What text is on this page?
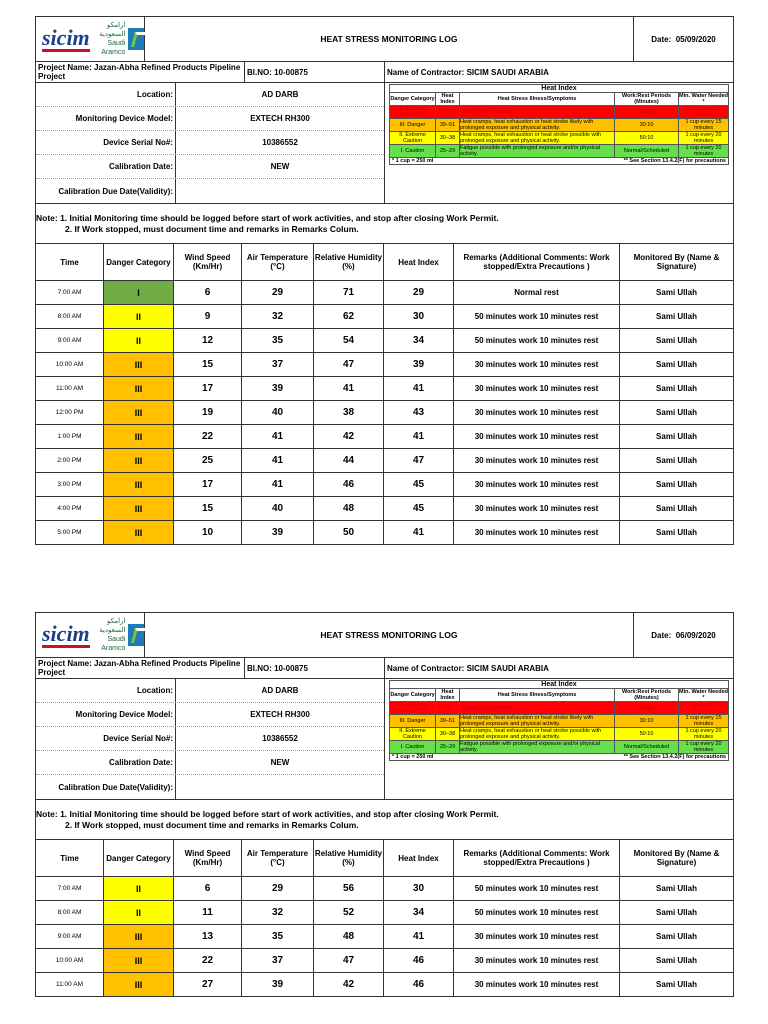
sicim	ارامكو السعودية
Saudi Aramco
	HEAT STRESS MONITORING LOG	Date: 05/09/2020
Project Name: Jazan-Abha Refined Products Pipeline Project	BI.NO: 10-00875	Name of Contractor: SICIM SAUDI ARABIA
Location:	AD DARB
Monitoring Device Model:	EXTECH RH300
Device Serial No#:	10386552
Calibration Date:	NEW
Calibration Due Date(Validity):
Heat Index
Danger Category	Heat Index	Heat Stress Illness/Symptoms	Work:Rest Periods (Minutes)	Min. Water Needed *
IV. Extreme Danger ***	≥ 52	Heat stroke imminent.	30:30	1 cup every 10 minutes
III. Danger	39–51	Heat cramps, heat exhaustion or heat stroke likely with prolonged exposure and physical activity.	30:10	1 cup every 15 minutes
II. Extreme Caution	30–38	Heat cramps, heat exhaustion or heat stroke possible with prolonged exposure and physical activity.	50:10	1 cup every 20 minutes
I. Caution	25–29	Fatigue possible with prolonged exposure and/or physical activity.	Normal/Scheduled	1 cup every 20 minutes
* 1 cup = 250 ml	** See Section 13.4.2(F) for precautions
Note: 1. Initial Monitoring time should be logged before start of work activities, and stop after closing Work Permit.
2. If Work stopped, must document time and remarks in Remarks Colum.
Time	Danger Category	Wind Speed (Km/Hr)	Air Temperature (°C)	Relative Humidity (%)	Heat Index	Remarks (Additional Comments: Work stopped/Extra Precautions )	Monitored By (Name & Signature)
7:00 AM	I	6	29	71	29	Normal rest	Sami Ullah
8:00 AM	II	9	32	62	30	50 minutes work 10 minutes rest	Sami Ullah
9:00 AM	II	12	35	54	34	50 minutes work 10 minutes rest	Sami Ullah
10:00 AM	III	15	37	47	39	30 minutes work 10 minutes rest	Sami Ullah
11:00 AM	III	17	39	41	41	30 minutes work 10 minutes rest	Sami Ullah
12:00 PM	III	19	40	38	43	30 minutes work 10 minutes rest	Sami Ullah
1:00 PM	III	22	41	42	41	30 minutes work 10 minutes rest	Sami Ullah
2:00 PM	III	25	41	44	47	30 minutes work 10 minutes rest	Sami Ullah
3:00 PM	III	17	41	46	45	30 minutes work 10 minutes rest	Sami Ullah
4:00 PM	III	15	40	48	45	30 minutes work 10 minutes rest	Sami Ullah
5:00 PM	III	10	39	50	41	30 minutes work 10 minutes rest	Sami Ullah
sicim	ارامكو السعودية
Saudi Aramco
	HEAT STRESS MONITORING LOG	Date: 06/09/2020
Project Name: Jazan-Abha Refined Products Pipeline Project	BI.NO: 10-00875	Name of Contractor: SICIM SAUDI ARABIA
Location:	AD DARB
Monitoring Device Model:	EXTECH RH300
Device Serial No#:	10386552
Calibration Date:	NEW
Calibration Due Date(Validity):
Heat Index
Danger Category	Heat Index	Heat Stress Illness/Symptoms	Work:Rest Periods (Minutes)	Min. Water Needed *
IV. Extreme Danger ***	≥ 52	Heat stroke imminent.	30:30	1 cup every 10 minutes
III. Danger	39–51	Heat cramps, heat exhaustion or heat stroke likely with prolonged exposure and physical activity.	30:10	1 cup every 15 minutes
II. Extreme Caution	30–38	Heat cramps, heat exhaustion or heat stroke possible with prolonged exposure and physical activity.	50:10	1 cup every 20 minutes
I. Caution	25–29	Fatigue possible with prolonged exposure and/or physical activity.	Normal/Scheduled	1 cup every 20 minutes
* 1 cup = 250 ml	** See Section 13.4.2(F) for precautions
Note: 1. Initial Monitoring time should be logged before start of work activities, and stop after closing Work Permit.
2. If Work stopped, must document time and remarks in Remarks Colum.
Time	Danger Category	Wind Speed (Km/Hr)	Air Temperature (°C)	Relative Humidity (%)	Heat Index	Remarks (Additional Comments: Work stopped/Extra Precautions )	Monitored By (Name & Signature)
7:00 AM	II	6	29	56	30	50 minutes work 10 minutes rest	Sami Ullah
8:00 AM	II	11	32	52	34	50 minutes work 10 minutes rest	Sami Ullah
9:00 AM	III	13	35	48	41	30 minutes work 10 minutes rest	Sami Ullah
10:00 AM	III	22	37	47	46	30 minutes work 10 minutes rest	Sami Ullah
11:00 AM	III	27	39	42	46	30 minutes work 10 minutes rest	Sami Ullah
